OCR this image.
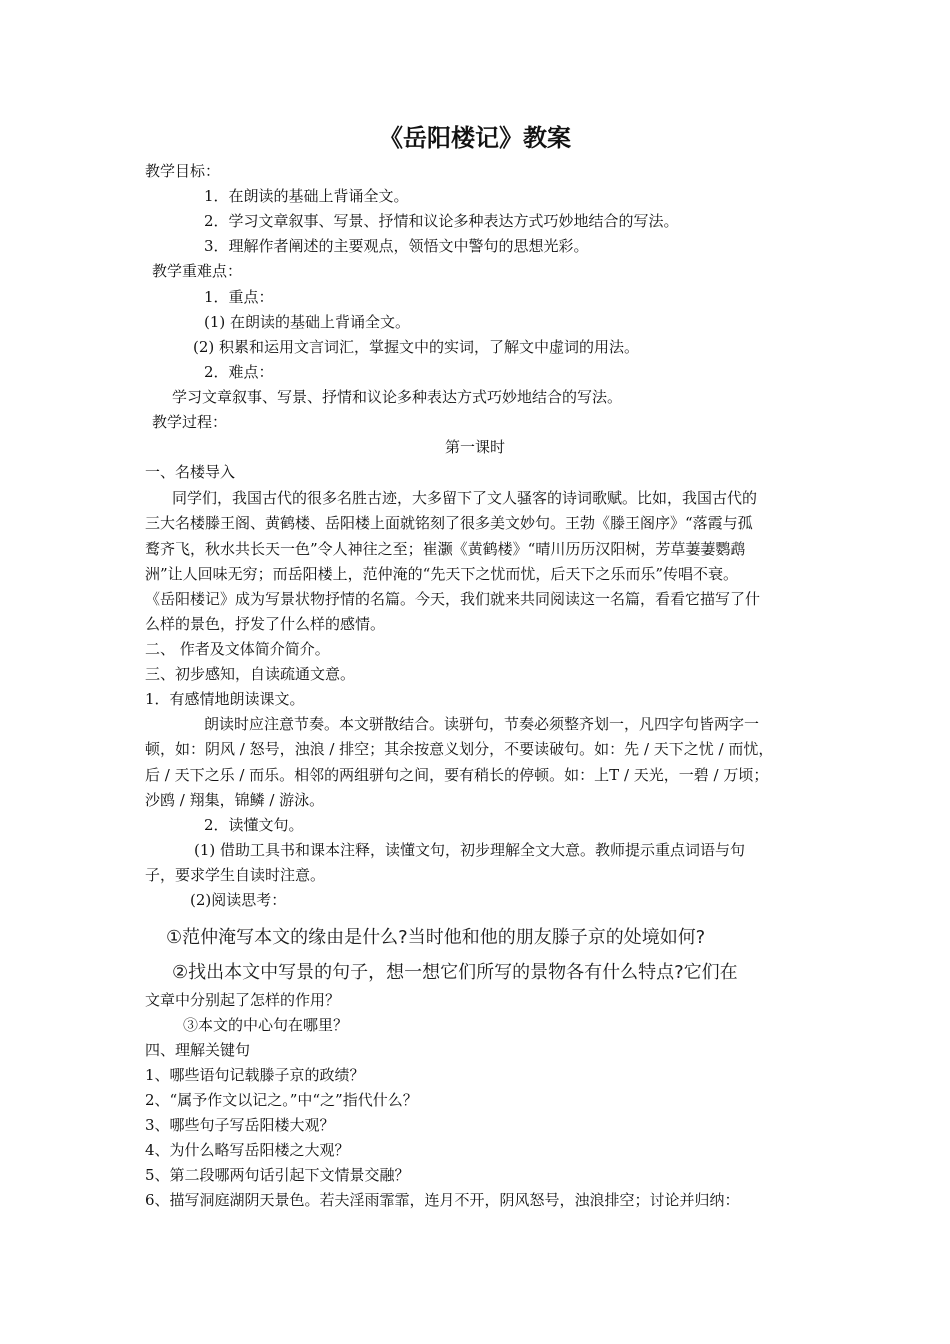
《岳阳楼记》教案
教学目标：
1．在朗读的基础上背诵全文。
2．学习文章叙事、写景、抒情和议论多种表达方式巧妙地结合的写法。
3．理解作者阐述的主要观点，领悟文中警句的思想光彩。
教学重难点：
1．重点：
(1) 在朗读的基础上背诵全文。
(2) 积累和运用文言词汇，掌握文中的实词，了解文中虚词的用法。
2．难点：
学习文章叙事、写景、抒情和议论多种表达方式巧妙地结合的写法。
教学过程：
第一课时
一、名楼导入
同学们，我国古代的很多名胜古迹，大多留下了文人骚客的诗词歌赋。比如，我国古代的
三大名楼滕王阁、黄鹤楼、岳阳楼上面就铭刻了很多美文妙句。王勃《滕王阁序》“落霞与孤
鹜齐飞，秋水共长天一色”令人神往之至；崔灏《黄鹤楼》“晴川历历汉阳树，芳草萋萋鹦鹉
洲”让人回味无穷；而岳阳楼上，范仲淹的“先天下之忧而忧，后天下之乐而乐”传唱不衰。
《岳阳楼记》成为写景状物抒情的名篇。今天，我们就来共同阅读这一名篇，看看它描写了什
么样的景色，抒发了什么样的感情。
二、 作者及文体简介简介。
三、初步感知，自读疏通文意。
1．有感情地朗读课文。
朗读时应注意节奏。本文骈散结合。读骈句，节奏必须整齐划一，凡四字句皆两字一
顿，如：阴风 / 怒号，浊浪 / 排空；其余按意义划分，不要读破句。如：先 / 天下之忧 / 而忧，
后 / 天下之乐 / 而乐。相邻的两组骈句之间，要有稍长的停顿。如：上T / 天光，一碧 / 万顷；
沙鸥 / 翔集，锦鳞 / 游泳。
2．读懂文句。
(1) 借助工具书和课本注释，读懂文句，初步理解全文大意。教师提示重点词语与句
子，要求学生自读时注意。
(2)阅读思考：
①范仲淹写本文的缘由是什么?当时他和他的朋友滕子京的处境如何?
②找出本文中写景的句子，想一想它们所写的景物各有什么特点?它们在
文章中分别起了怎样的作用？
③本文的中心句在哪里？
四、理解关键句
1、哪些语句记载滕子京的政绩？
2、“属予作文以记之。”中“之”指代什么？
3、哪些句子写岳阳楼大观？
4、为什么略写岳阳楼之大观？
5、第二段哪两句话引起下文情景交融？
6、描写洞庭湖阴天景色。若夫淫雨霏霏，连月不开，阴风怒号，浊浪排空；讨论并归纳：
